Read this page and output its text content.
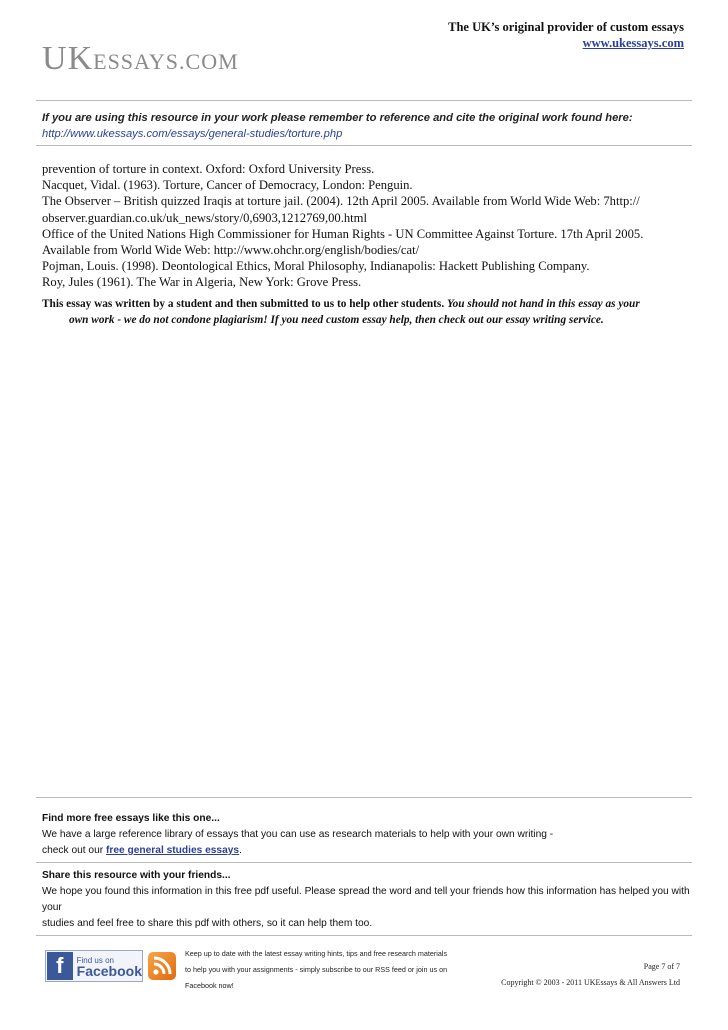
UKESSAYS.COM
The UK’s original provider of custom essays
www.ukessays.com
If you are using this resource in your work please remember to reference and cite the original work found here:
http://www.ukessays.com/essays/general-studies/torture.php
prevention of torture in context. Oxford: Oxford University Press.
Nacquet, Vidal. (1963). Torture, Cancer of Democracy, London: Penguin.
The Observer – British quizzed Iraqis at torture jail. (2004). 12th April 2005. Available from World Wide Web: 7http://
observer.guardian.co.uk/uk_news/story/0,6903,1212769,00.html
Office of the United Nations High Commissioner for Human Rights - UN Committee Against Torture. 17th April 2005.
Available from World Wide Web: http://www.ohchr.org/english/bodies/cat/
Pojman, Louis. (1998). Deontological Ethics, Moral Philosophy, Indianapolis: Hackett Publishing Company.
Roy, Jules (1961). The War in Algeria, New York: Grove Press.
This essay was written by a student and then submitted to us to help other students. You should not hand in this essay as your
own work - we do not condone plagiarism! If you need custom essay help, then check out our essay writing service.
Find more free essays like this one...
We have a large reference library of essays that you can use as research materials to help with your own writing -
check out our free general studies essays.
Share this resource with your friends...
We hope you found this information in this free pdf useful. Please spread the word and tell your friends how this information has helped you with your
studies and feel free to share this pdf with others, so it can help them too.
f	Find us on
Facebook
Keep up to date with the latest essay writing hints, tips and free research materials
to help you with your assignments - simply subscribe to our RSS feed or join us on
Facebook now!
Page 7 of 7
Copyright © 2003 - 2011 UKEssays & All Answers Ltd
